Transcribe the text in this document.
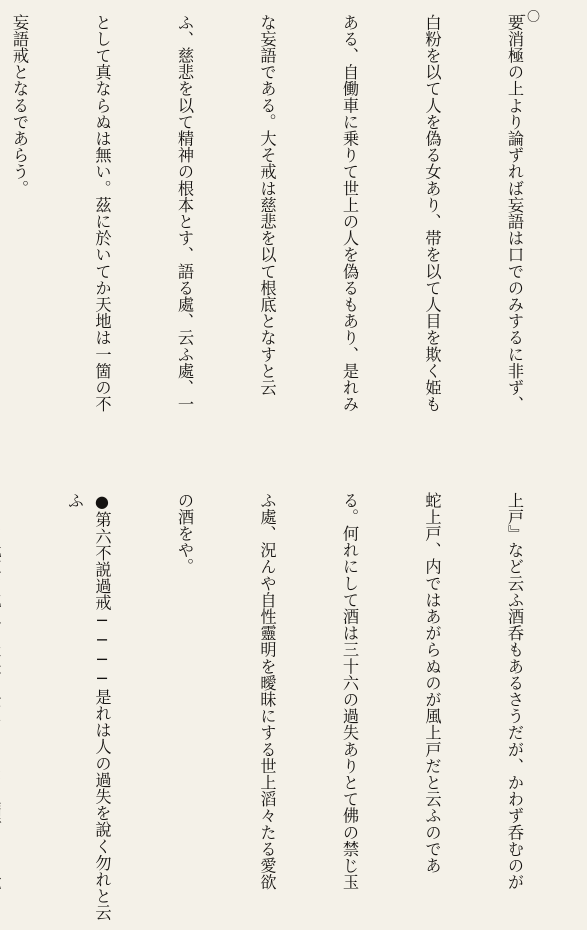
一〇

要消極の上より論ずれば妄語は口でのみするに非ず、

白粉を以て人を偽る女あり、帯を以て人目を欺く姫も

ある、自働車に乗りて世上の人を偽るもあり、是れみ

な妄語である。大そ戒は慈悲を以て根底となすと云

ふ、慈悲を以て精神の根本とす、語る處、云ふ處、一

として真ならぬは無い。茲に於いてか天地は一箇の不

妄語戒となるであらう。

上戸』など云ふ酒呑もあるさうだが、かわず呑むのが

蛇上戸、内ではあがらぬのが風上戸だと云ふのであ

る。何れにして酒は三十六の過失ありとて佛の禁じ玉

ふ處、況んや自性靈明を曖昧にする世上滔々たる愛欲

の酒をや。

●第六不説過戒────是れは人の過失を說く勿れと云ふ
